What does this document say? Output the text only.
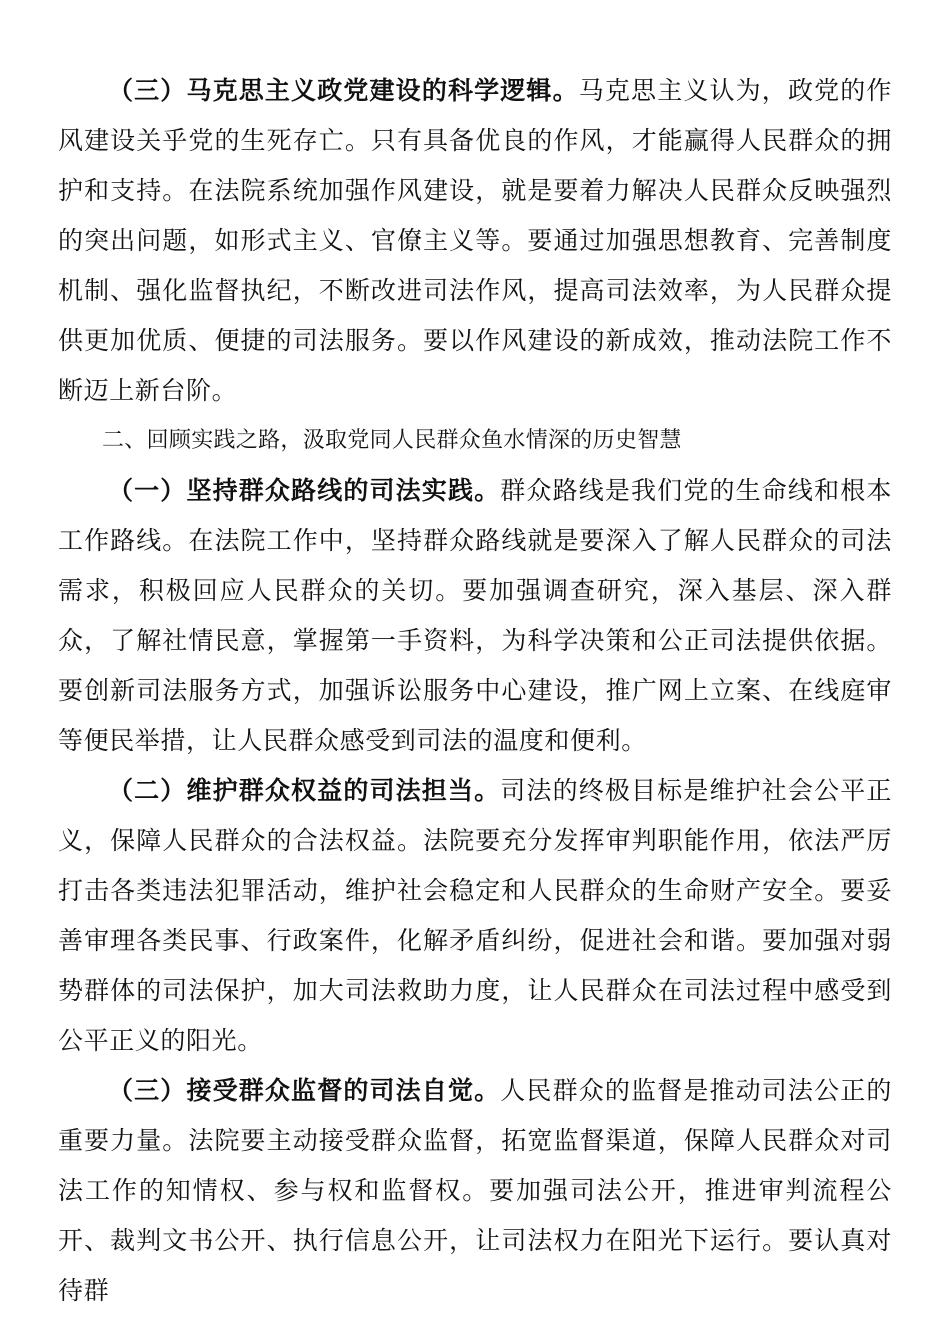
（三）马克思主义政党建设的科学逻辑。马克思主义认为，政党的作风建设关乎党的生死存亡。只有具备优良的作风，才能赢得人民群众的拥护和支持。在法院系统加强作风建设，就是要着力解决人民群众反映强烈的突出问题，如形式主义、官僚主义等。要通过加强思想教育、完善制度机制、强化监督执纪，不断改进司法作风，提高司法效率，为人民群众提供更加优质、便捷的司法服务。要以作风建设的新成效，推动法院工作不断迈上新台阶。

二、回顾实践之路，汲取党同人民群众鱼水情深的历史智慧

（一）坚持群众路线的司法实践。群众路线是我们党的生命线和根本工作路线。在法院工作中，坚持群众路线就是要深入了解人民群众的司法需求，积极回应人民群众的关切。要加强调查研究，深入基层、深入群众，了解社情民意，掌握第一手资料，为科学决策和公正司法提供依据。要创新司法服务方式，加强诉讼服务中心建设，推广网上立案、在线庭审等便民举措，让人民群众感受到司法的温度和便利。

（二）维护群众权益的司法担当。司法的终极目标是维护社会公平正义，保障人民群众的合法权益。法院要充分发挥审判职能作用，依法严厉打击各类违法犯罪活动，维护社会稳定和人民群众的生命财产安全。要妥善审理各类民事、行政案件，化解矛盾纠纷，促进社会和谐。要加强对弱势群体的司法保护，加大司法救助力度，让人民群众在司法过程中感受到公平正义的阳光。

（三）接受群众监督的司法自觉。人民群众的监督是推动司法公正的重要力量。法院要主动接受群众监督，拓宽监督渠道，保障人民群众对司法工作的知情权、参与权和监督权。要加强司法公开，推进审判流程公开、裁判文书公开、执行信息公开，让司法权力在阳光下运行。要认真对待群
